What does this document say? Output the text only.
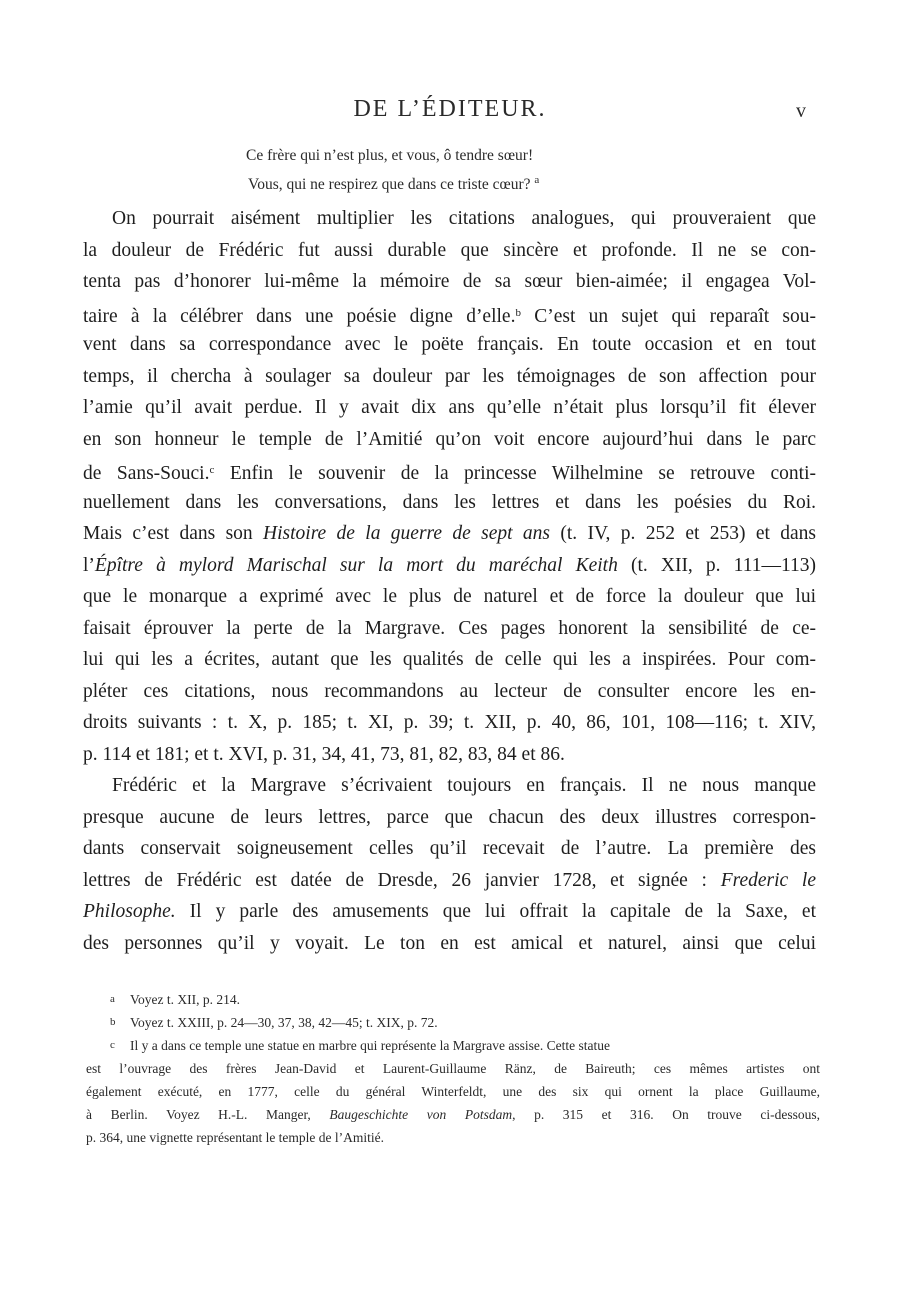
DE L’ÉDITEUR.	v
Ce frère qui n’est plus, et vous, ô tendre sœur!
Vous, qui ne respirez que dans ce triste cœur? $^a$
On pourrait aisément multiplier les citations analogues, qui prouveraient que
la douleur de Frédéric fut aussi durable que sincère et profonde. Il ne se con-
tenta pas d’honorer lui-même la mémoire de sa sœur bien-aimée; il engagea Vol-
taire à la célébrer dans une poésie digne d’elle.$^b$ C’est un sujet qui reparaît sou-
vent dans sa correspondance avec le poëte français. En toute occasion et en tout
temps, il chercha à soulager sa douleur par les témoignages de son affection pour
l’amie qu’il avait perdue. Il y avait dix ans qu’elle n’était plus lorsqu’il fit élever
en son honneur le temple de l’Amitié qu’on voit encore aujourd’hui dans le parc
de Sans-Souci.$^c$ Enfin le souvenir de la princesse Wilhelmine se retrouve conti-
nuellement dans les conversations, dans les lettres et dans les poésies du Roi.
Mais c’est dans son Histoire de la guerre de sept ans (t. IV, p. 252 et 253) et dans
l’Épître à mylord Marischal sur la mort du maréchal Keith (t. XII, p. 111—113)
que le monarque a exprimé avec le plus de naturel et de force la douleur que lui
faisait éprouver la perte de la Margrave. Ces pages honorent la sensibilité de ce-
lui qui les a écrites, autant que les qualités de celle qui les a inspirées. Pour com-
pléter ces citations, nous recommandons au lecteur de consulter encore les en-
droits suivants : t. X, p. 185; t. XI, p. 39; t. XII, p. 40, 86, 101, 108—116; t. XIV,
p. 114 et 181; et t. XVI, p. 31, 34, 41, 73, 81, 82, 83, 84 et 86.
Frédéric et la Margrave s’écrivaient toujours en français. Il ne nous manque
presque aucune de leurs lettres, parce que chacun des deux illustres correspon-
dants conservait soigneusement celles qu’il recevait de l’autre. La première des
lettres de Frédéric est datée de Dresde, 26 janvier 1728, et signée : Frederic le
Philosophe. Il y parle des amusements que lui offrait la capitale de la Saxe, et
des personnes qu’il y voyait. Le ton en est amical et naturel, ainsi que celui
a Voyez t. XII, p. 214.
b Voyez t. XXIII, p. 24—30, 37, 38, 42—45; t. XIX, p. 72.
c Il y a dans ce temple une statue en marbre qui représente la Margrave assise. Cette statue
est l’ouvrage des frères Jean-David et Laurent-Guillaume Ränz, de Baireuth; ces mêmes artistes ont
également exécuté, en 1777, celle du général Winterfeldt, une des six qui ornent la place Guillaume,
à Berlin. Voyez H.-L. Manger, Baugeschichte von Potsdam, p. 315 et 316. On trouve ci-dessous,
p. 364, une vignette représentant le temple de l’Amitié.
